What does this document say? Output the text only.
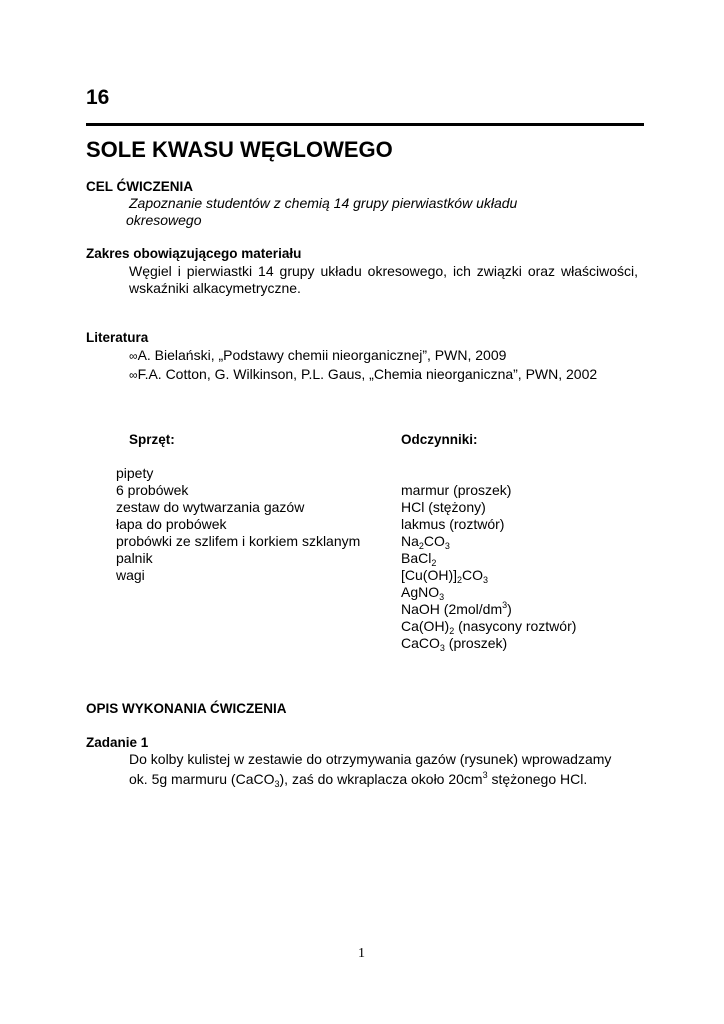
16
SOLE KWASU WĘGLOWEGO
CEL ĆWICZENIA
Zapoznanie studentów z chemią 14 grupy pierwiastków układu
okresowego
Zakres obowiązującego materiału
Węgiel i pierwiastki 14 grupy układu okresowego, ich związki oraz właściwości, wskaźniki alkacymetryczne.
Literatura
∞A. Bielański, „Podstawy chemii nieorganicznej”, PWN, 2009
∞F.A. Cotton, G. Wilkinson, P.L. Gaus, „Chemia nieorganiczna”, PWN, 2002
Sprzęt:	Odczynniki:
pipety
6 probówek
zestaw do wytwarzania gazów
łapa do probówek
probówki ze szlifem i korkiem szklanym
palnik
wagi
marmur (proszek)
HCl (stężony)
lakmus (roztwór)
$Na_2CO_3$
BaCl$_2$
$[Cu(OH)]_2CO_3$
AgNO$_3$
NaOH $(2mol/dm^3)$
$Ca(OH)_2$ (nasycony roztwór)
CaCO$_3$ (proszek)
OPIS WYKONANIA ĆWICZENIA
Zadanie 1
Do kolby kulistej w zestawie do otrzymywania gazów (rysunek) wprowadzamy
ok. 5g marmuru (CaCO$_3$), zaś do wkraplacza około $20cm^3$ stężonego HCl.
1
